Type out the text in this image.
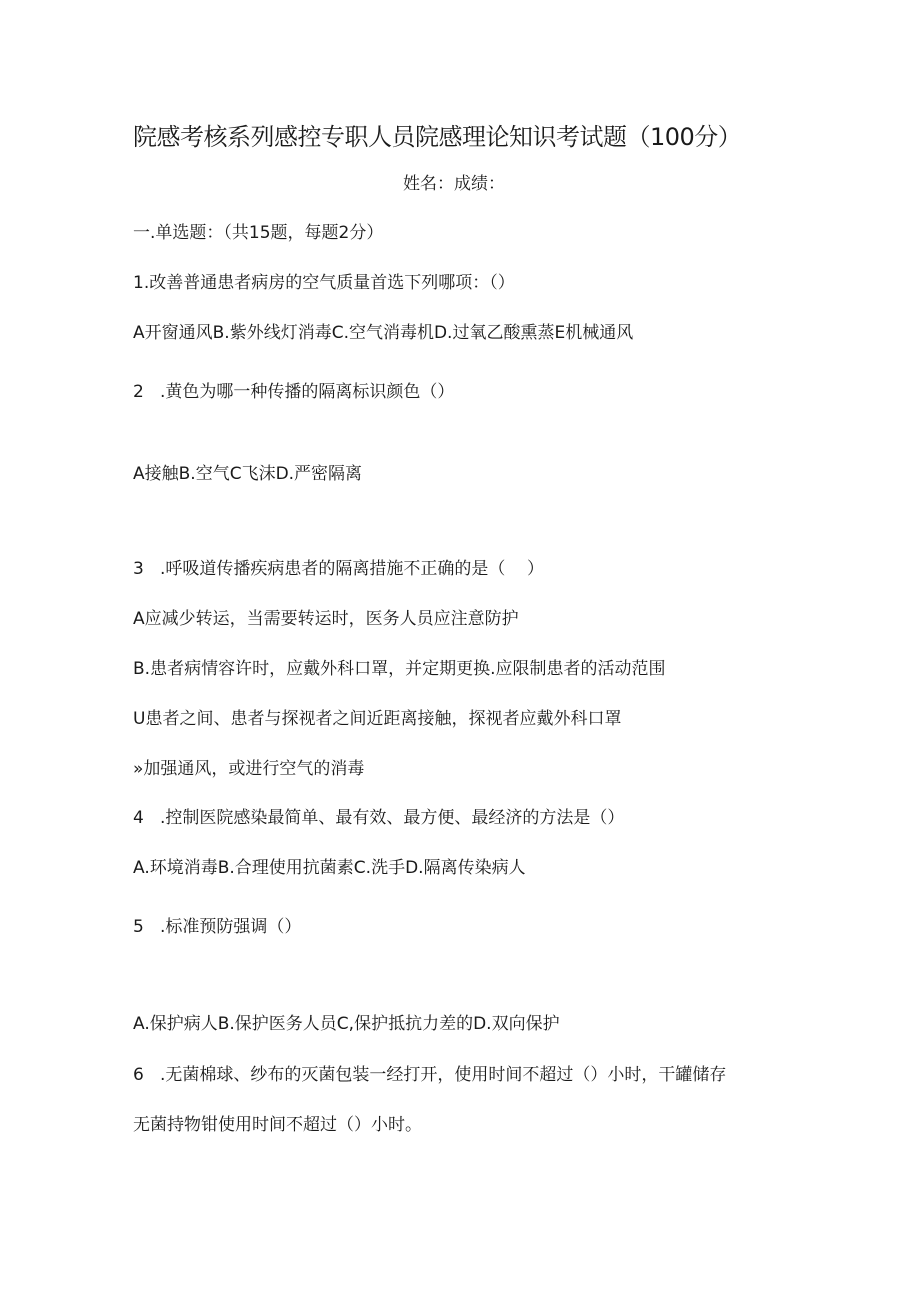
院感考核系列感控专职人员院感理论知识考试题（100分）
姓名：成绩：
一.单选题：（共15题，每题2分）
1.改善普通患者病房的空气质量首选下列哪项：（）
A开窗通风B.紫外线灯消毒C.空气消毒机D.过氧乙酸熏蒸E机械通风
2   .黄色为哪一种传播的隔离标识颜色（）
A接触B.空气C飞沫D.严密隔离
3   .呼吸道传播疾病患者的隔离措施不正确的是（    ）
A应减少转运，当需要转运时，医务人员应注意防护
B.患者病情容许时，应戴外科口罩，并定期更换.应限制患者的活动范围
U患者之间、患者与探视者之间近距离接触，探视者应戴外科口罩
»加强通风，或进行空气的消毒
4   .控制医院感染最简单、最有效、最方便、最经济的方法是（）
A.环境消毒B.合理使用抗菌素C.洗手D.隔离传染病人
5   .标准预防强调（）
A.保护病人B.保护医务人员C,保护抵抗力差的D.双向保护
6   .无菌棉球、纱布的灭菌包装一经打开，使用时间不超过（）小时，干罐储存
无菌持物钳使用时间不超过（）小时。
